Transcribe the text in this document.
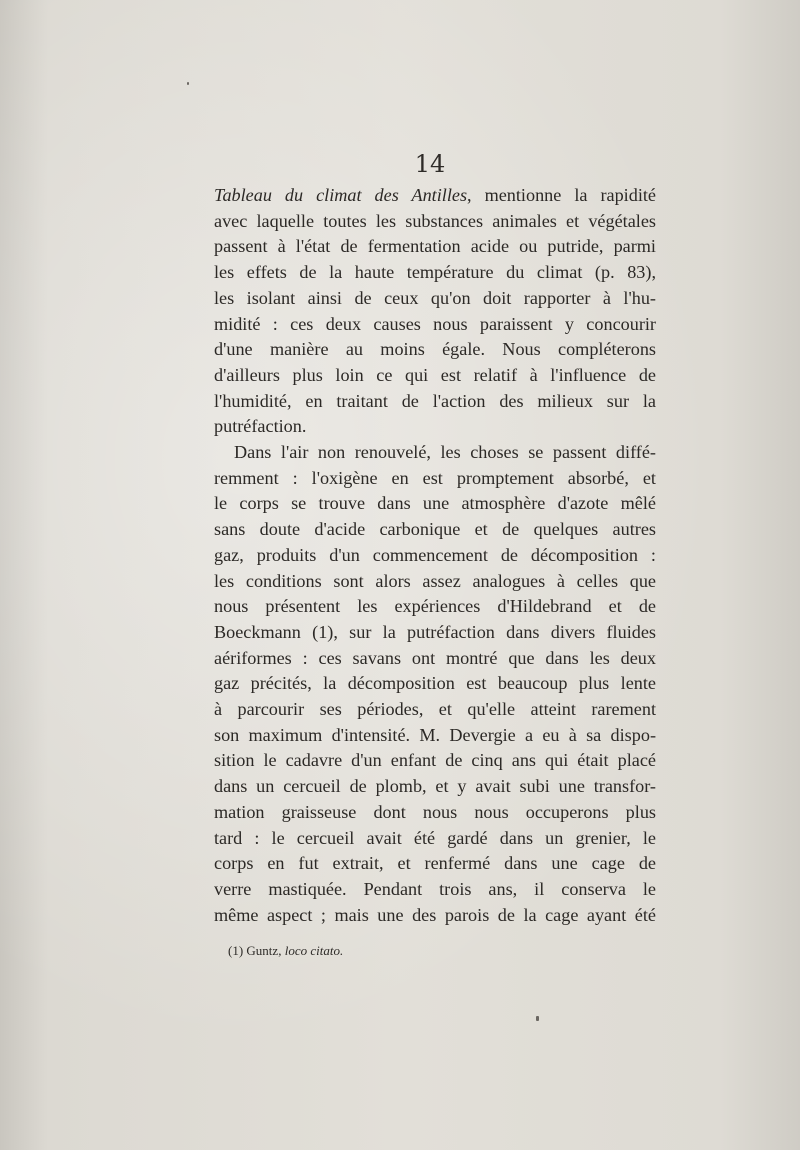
14
Tableau du climat des Antilles, mentionne la rapidité
avec laquelle toutes les substances animales et végétales
passent à l'état de fermentation acide ou putride, parmi
les effets de la haute température du climat (p. 83),
les isolant ainsi de ceux qu'on doit rapporter à l'hu-
midité : ces deux causes nous paraissent y concourir
d'une manière au moins égale. Nous compléterons
d'ailleurs plus loin ce qui est relatif à l'influence de
l'humidité, en traitant de l'action des milieux sur la
putréfaction.
Dans l'air non renouvelé, les choses se passent diffé-
remment : l'oxigène en est promptement absorbé, et
le corps se trouve dans une atmosphère d'azote mêlé
sans doute d'acide carbonique et de quelques autres
gaz, produits d'un commencement de décomposition :
les conditions sont alors assez analogues à celles que
nous présentent les expériences d'Hildebrand et de
Boeckmann (1), sur la putréfaction dans divers fluides
aériformes : ces savans ont montré que dans les deux
gaz précités, la décomposition est beaucoup plus lente
à parcourir ses périodes, et qu'elle atteint rarement
son maximum d'intensité. M. Devergie a eu à sa dispo-
sition le cadavre d'un enfant de cinq ans qui était placé
dans un cercueil de plomb, et y avait subi une transfor-
mation graisseuse dont nous nous occuperons plus
tard : le cercueil avait été gardé dans un grenier, le
corps en fut extrait, et renfermé dans une cage de
verre mastiquée. Pendant trois ans, il conserva le
même aspect ; mais une des parois de la cage ayant été
(1) Guntz, loco citato.
